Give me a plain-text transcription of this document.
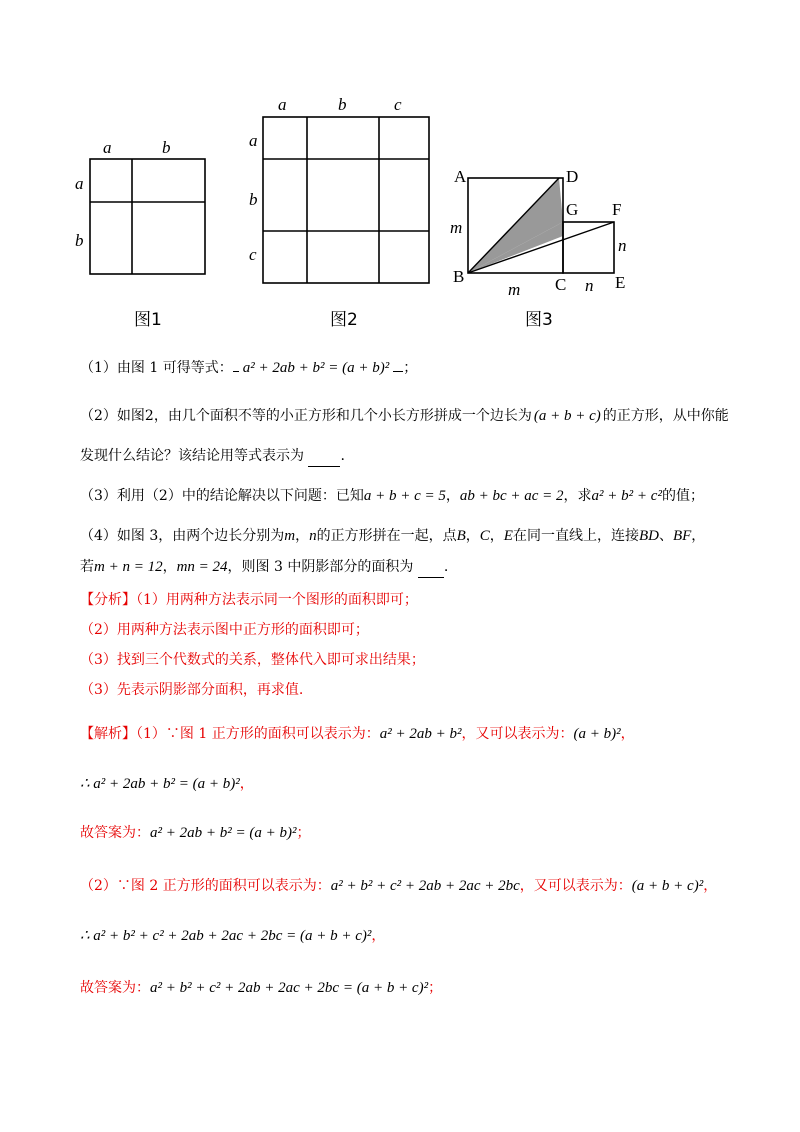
a	b
a
b
图1
a	b	c
a
b
c
图2
A	D
G F
m
n
B
m C n E
图3
（1）由图 1 可得等式： a² + 2ab + b² = (a + b)² ；
（2）如图2，由几个面积不等的小正方形和几个小长方形拼成一个边长为 (a + b + c) 的正方形，从中你能
发现什么结论？该结论用等式表示为	.
（3）利用（2）中的结论解决以下问题：已知a + b + c = 5，ab + bc + ac = 2，求a² + b² + c²的值；
（4）如图 3，由两个边长分别为m，n的正方形拼在一起，点B，C，E在同一直线上，连接BD、BF，
若m + n = 12，mn = 24，则图 3 中阴影部分的面积为 .
【分析】（1）用两种方法表示同一个图形的面积即可；
（2）用两种方法表示图中正方形的面积即可；
（3）找到三个代数式的关系，整体代入即可求出结果；
（3）先表示阴影部分面积，再求值.
【解析】（1）∵图 1 正方形的面积可以表示为：a² + 2ab + b²，又可以表示为：(a + b)²，
∴ a² + 2ab + b² = (a + b)²，
故答案为：a² + 2ab + b² = (a + b)²；
（2）∵图 2 正方形的面积可以表示为：a² + b² + c² + 2ab + 2ac + 2bc，又可以表示为：(a + b + c)²，
∴ a² + b² + c² + 2ab + 2ac + 2bc = (a + b + c)²，
故答案为：a² + b² + c² + 2ab + 2ac + 2bc = (a + b + c)²；
